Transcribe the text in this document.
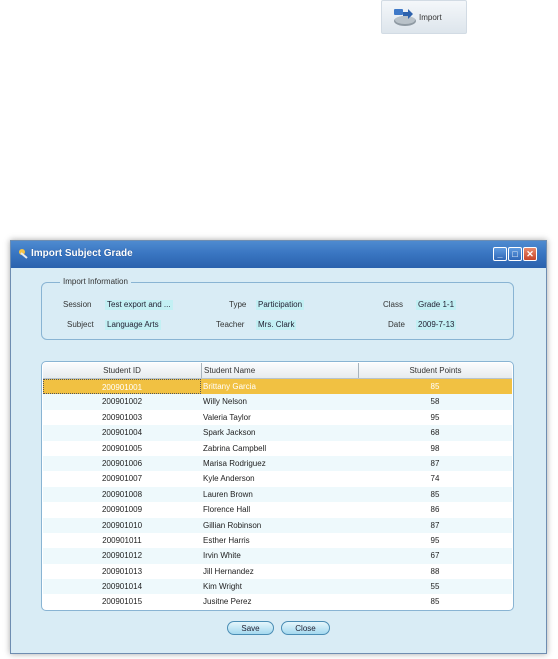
Import
Import Subject Grade	_	□ ✕
Import Information
Session Test export and ...	Type Participation	Class Grade 1-1
Subject Language Arts	Teacher Mrs. Clark	Date 2009-7-13
Student ID	Student Name	Student Points
200901001	Brittany Garcia	85
200901002	Willy Nelson	58
200901003	Valeria Taylor	95
200901004	Spark Jackson	68
200901005	Zabrina Campbell	98
200901006	Marisa Rodriguez	87
200901007	Kyle Anderson	74
200901008	Lauren Brown	85
200901009	Florence Hall	86
200901010	Gillian Robinson	87
200901011	Esther Harris	95
200901012	Irvin White	67
200901013	Jill Hernandez	88
200901014	Kim Wright	55
200901015	Jusitne Perez	85
Save	Close
